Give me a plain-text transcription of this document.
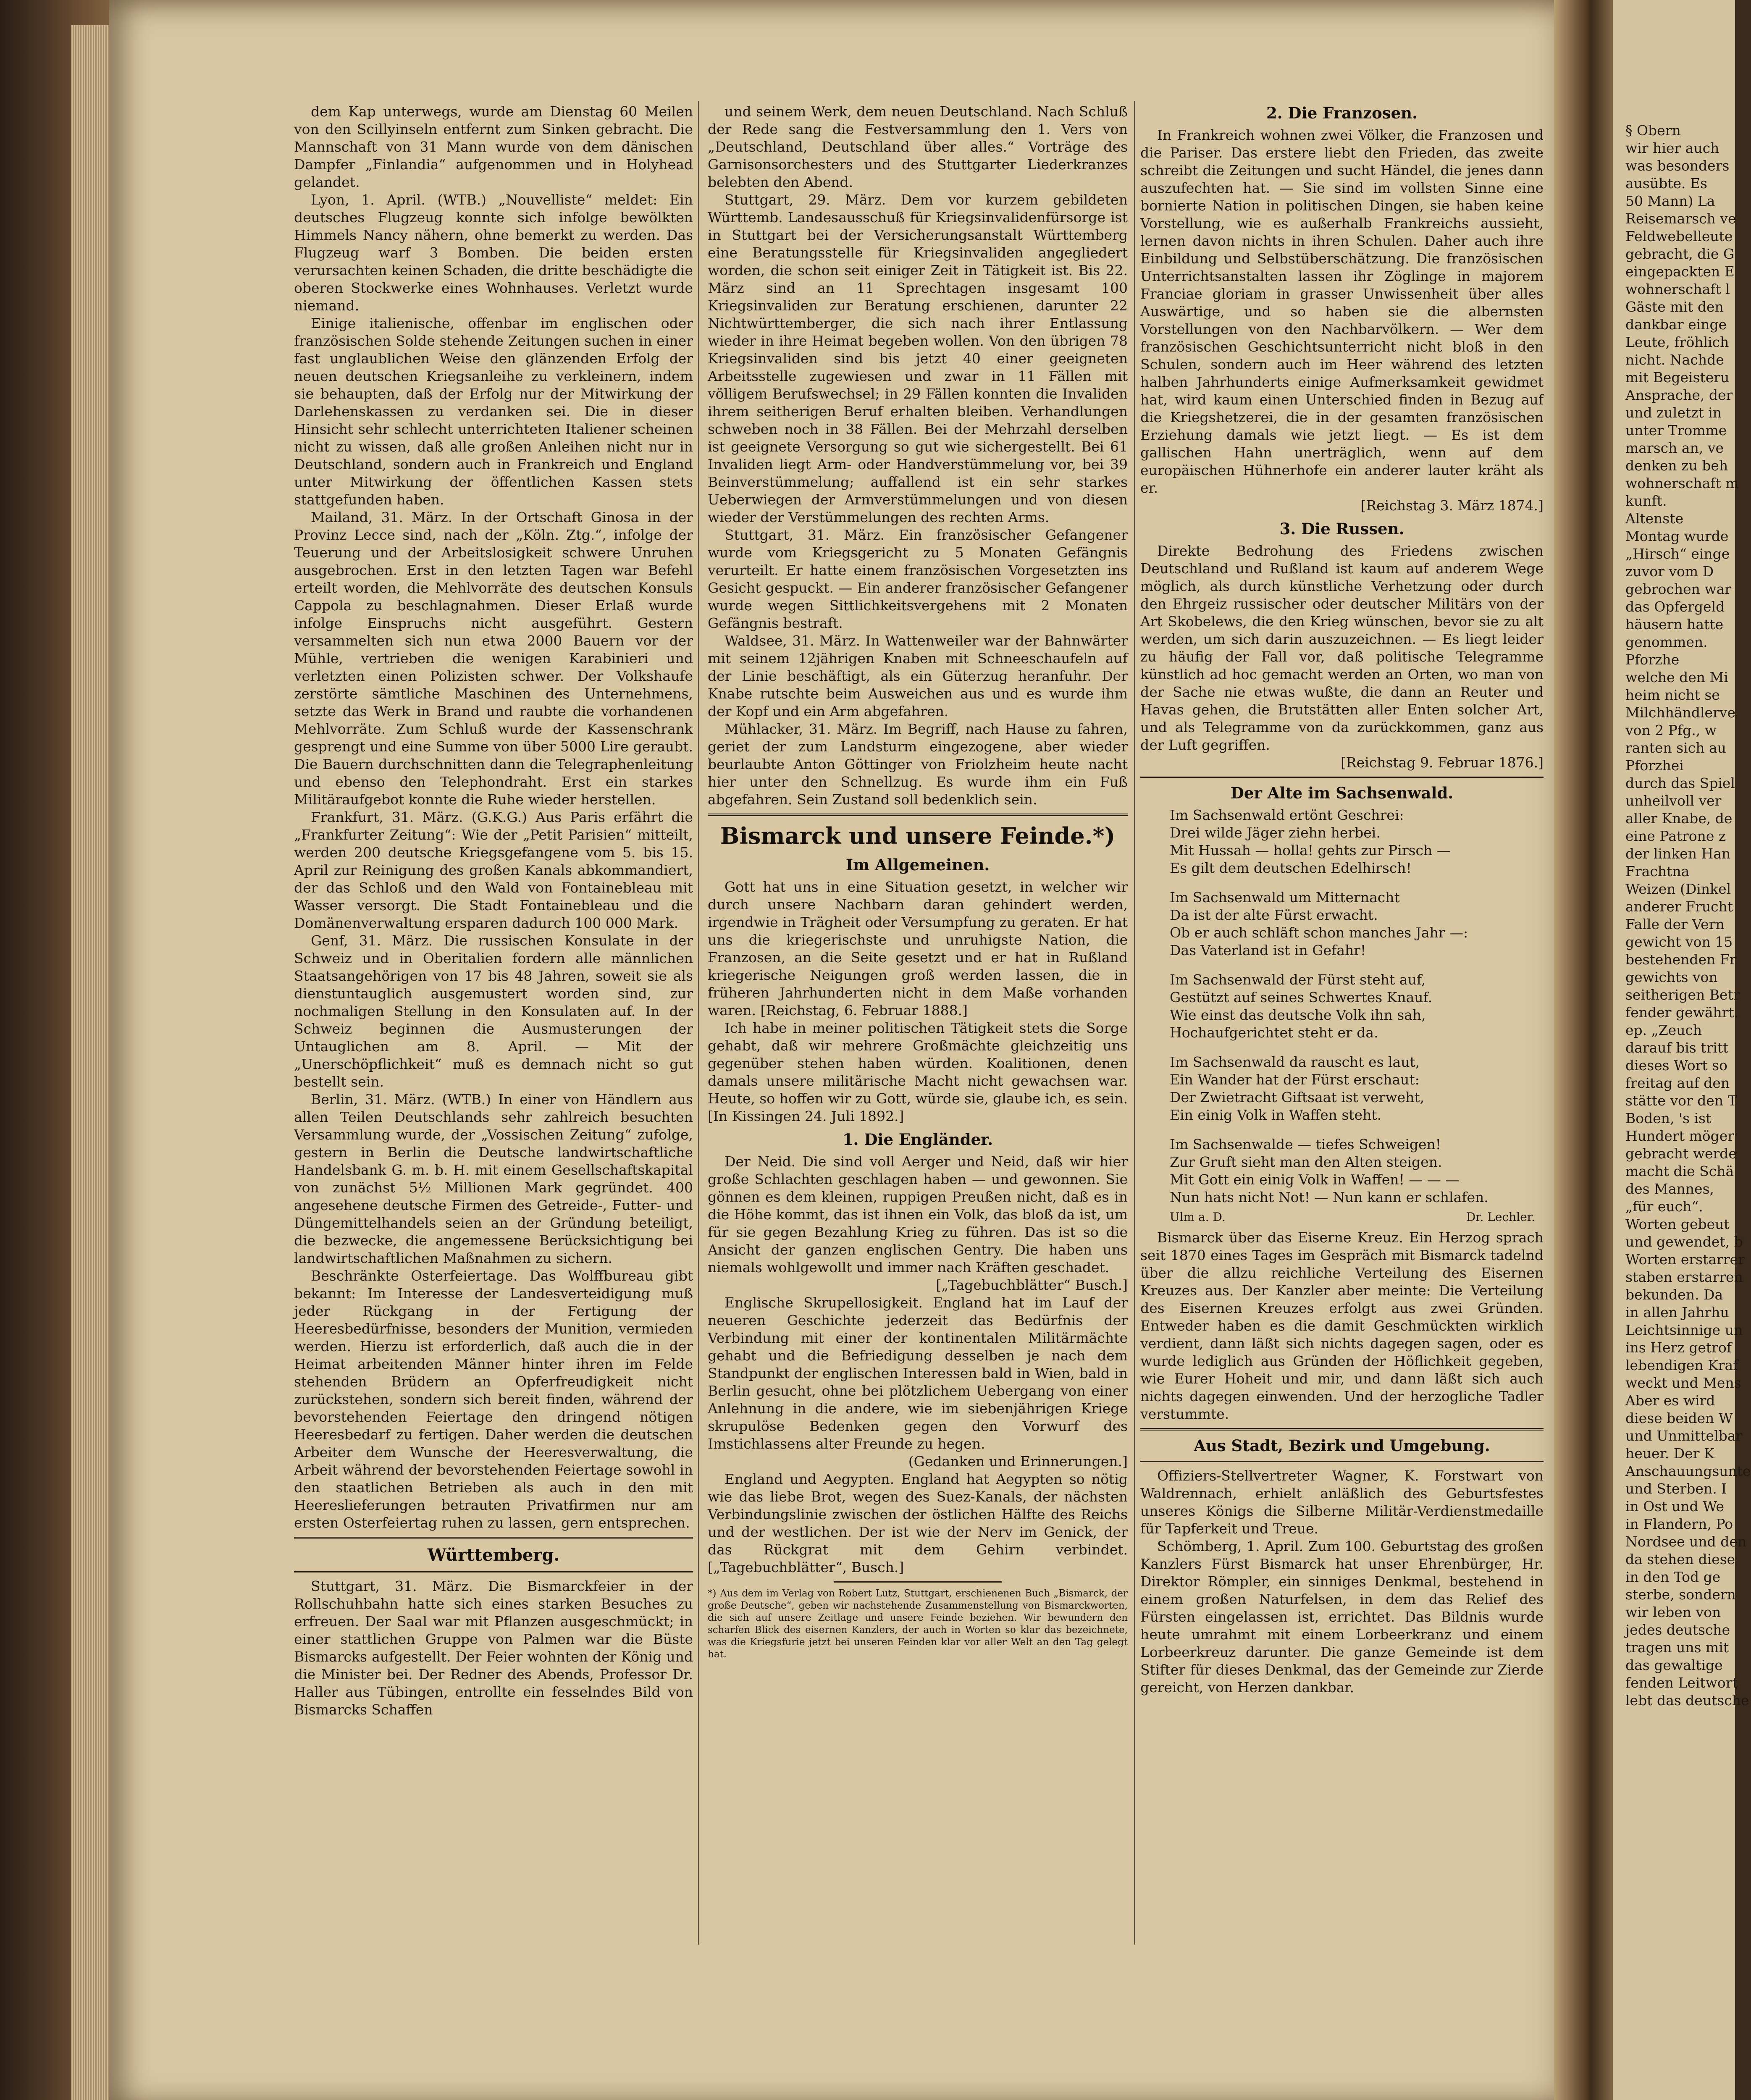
dem Kap unterwegs, wurde am Dienstag 60 Meilen von den Scillyinseln entfernt zum Sinken gebracht. Die Mannschaft von 31 Mann wurde von dem dänischen Dampfer „Finlandia“ aufgenommen und in Holyhead gelandet.

Lyon, 1. April. (WTB.) „Nouvelliste“ meldet: Ein deutsches Flugzeug konnte sich infolge bewölkten Himmels Nancy nähern, ohne bemerkt zu werden. Das Flugzeug warf 3 Bomben. Die beiden ersten verursachten keinen Schaden, die dritte beschädigte die oberen Stockwerke eines Wohnhauses. Verletzt wurde niemand.

Einige italienische, offenbar im englischen oder französischen Solde stehende Zeitungen suchen in einer fast unglaublichen Weise den glänzenden Erfolg der neuen deutschen Kriegsanleihe zu verkleinern, indem sie behaupten, daß der Erfolg nur der Mitwirkung der Darlehenskassen zu verdanken sei. Die in dieser Hinsicht sehr schlecht unterrichteten Italiener scheinen nicht zu wissen, daß alle großen Anleihen nicht nur in Deutschland, sondern auch in Frankreich und England unter Mitwirkung der öffentlichen Kassen stets stattgefunden haben.

Mailand, 31. März. In der Ortschaft Ginosa in der Provinz Lecce sind, nach der „Köln. Ztg.“, infolge der Teuerung und der Arbeitslosigkeit schwere Unruhen ausgebrochen. Erst in den letzten Tagen war Befehl erteilt worden, die Mehlvorräte des deutschen Konsuls Cappola zu beschlagnahmen. Dieser Erlaß wurde infolge Einspruchs nicht ausgeführt. Gestern versammelten sich nun etwa 2000 Bauern vor der Mühle, vertrieben die wenigen Karabinieri und verletzten einen Polizisten schwer. Der Volkshaufe zerstörte sämtliche Maschinen des Unternehmens, setzte das Werk in Brand und raubte die vorhandenen Mehlvorräte. Zum Schluß wurde der Kassenschrank gesprengt und eine Summe von über 5000 Lire geraubt. Die Bauern durchschnitten dann die Telegraphenleitung und ebenso den Telephondraht. Erst ein starkes Militäraufgebot konnte die Ruhe wieder herstellen.

Frankfurt, 31. März. (G.K.G.) Aus Paris erfährt die „Frankfurter Zeitung“: Wie der „Petit Parisien“ mitteilt, werden 200 deutsche Kriegsgefangene vom 5. bis 15. April zur Reinigung des großen Kanals abkommandiert, der das Schloß und den Wald von Fontainebleau mit Wasser versorgt. Die Stadt Fontainebleau und die Domänenverwaltung ersparen dadurch 100 000 Mark.

Genf, 31. März. Die russischen Konsulate in der Schweiz und in Oberitalien fordern alle männlichen Staatsangehörigen von 17 bis 48 Jahren, soweit sie als dienstuntauglich ausgemustert worden sind, zur nochmaligen Stellung in den Konsulaten auf. In der Schweiz beginnen die Ausmusterungen der Untauglichen am 8. April. — Mit der „Unerschöpflichkeit“ muß es demnach nicht so gut bestellt sein.

Berlin, 31. März. (WTB.) In einer von Händlern aus allen Teilen Deutschlands sehr zahlreich besuchten Versammlung wurde, der „Vossischen Zeitung“ zufolge, gestern in Berlin die Deutsche landwirtschaftliche Handelsbank G. m. b. H. mit einem Gesellschaftskapital von zunächst 5½ Millionen Mark gegründet. 400 angesehene deutsche Firmen des Getreide-, Futter- und Düngemittelhandels seien an der Gründung beteiligt, die bezwecke, die angemessene Berücksichtigung bei landwirtschaftlichen Maßnahmen zu sichern.

Beschränkte Osterfeiertage. Das Wolffbureau gibt bekannt: Im Interesse der Landesverteidigung muß jeder Rückgang in der Fertigung der Heeresbedürfnisse, besonders der Munition, vermieden werden. Hierzu ist erforderlich, daß auch die in der Heimat arbeitenden Männer hinter ihren im Felde stehenden Brüdern an Opferfreudigkeit nicht zurückstehen, sondern sich bereit finden, während der bevorstehenden Feiertage den dringend nötigen Heeresbedarf zu fertigen. Daher werden die deutschen Arbeiter dem Wunsche der Heeresverwaltung, die Arbeit während der bevorstehenden Feiertage sowohl in den staatlichen Betrieben als auch in den mit Heereslieferungen betrauten Privatfirmen nur am ersten Osterfeiertag ruhen zu lassen, gern entsprechen.

Württemberg.

Stuttgart, 31. März. Die Bismarckfeier in der Rollschuhbahn hatte sich eines starken Besuches zu erfreuen. Der Saal war mit Pflanzen ausgeschmückt; in einer stattlichen Gruppe von Palmen war die Büste Bismarcks aufgestellt. Der Feier wohnten der König und die Minister bei. Der Redner des Abends, Professor Dr. Haller aus Tübingen, entrollte ein fesselndes Bild von Bismarcks Schaffen

und seinem Werk, dem neuen Deutschland. Nach Schluß der Rede sang die Festversammlung den 1. Vers von „Deutschland, Deutschland über alles.“ Vorträge des Garnisonsorchesters und des Stuttgarter Liederkranzes belebten den Abend.

Stuttgart, 29. März. Dem vor kurzem gebildeten Württemb. Landesausschuß für Kriegsinvalidenfürsorge ist in Stuttgart bei der Versicherungsanstalt Württemberg eine Beratungsstelle für Kriegsinvaliden angegliedert worden, die schon seit einiger Zeit in Tätigkeit ist. Bis 22. März sind an 11 Sprechtagen insgesamt 100 Kriegsinvaliden zur Beratung erschienen, darunter 22 Nichtwürttemberger, die sich nach ihrer Entlassung wieder in ihre Heimat begeben wollen. Von den übrigen 78 Kriegsinvaliden sind bis jetzt 40 einer geeigneten Arbeitsstelle zugewiesen und zwar in 11 Fällen mit völligem Berufswechsel; in 29 Fällen konnten die Invaliden ihrem seitherigen Beruf erhalten bleiben. Verhandlungen schweben noch in 38 Fällen. Bei der Mehrzahl derselben ist geeignete Versorgung so gut wie sichergestellt. Bei 61 Invaliden liegt Arm- oder Handverstümmelung vor, bei 39 Beinverstümmelung; auffallend ist ein sehr starkes Ueberwiegen der Armverstümmelungen und von diesen wieder der Verstümmelungen des rechten Arms.

Stuttgart, 31. März. Ein französischer Gefangener wurde vom Kriegsgericht zu 5 Monaten Gefängnis verurteilt. Er hatte einem französischen Vorgesetzten ins Gesicht gespuckt. — Ein anderer französischer Gefangener wurde wegen Sittlichkeitsvergehens mit 2 Monaten Gefängnis bestraft.

Waldsee, 31. März. In Wattenweiler war der Bahnwärter mit seinem 12jährigen Knaben mit Schneeschaufeln auf der Linie beschäftigt, als ein Güterzug heranfuhr. Der Knabe rutschte beim Ausweichen aus und es wurde ihm der Kopf und ein Arm abgefahren.

Mühlacker, 31. März. Im Begriff, nach Hause zu fahren, geriet der zum Landsturm eingezogene, aber wieder beurlaubte Anton Göttinger von Friolzheim heute nacht hier unter den Schnellzug. Es wurde ihm ein Fuß abgefahren. Sein Zustand soll bedenklich sein.

Bismarck und unsere Feinde.*)
Im Allgemeinen.

Gott hat uns in eine Situation gesetzt, in welcher wir durch unsere Nachbarn daran gehindert werden, irgendwie in Trägheit oder Versumpfung zu geraten. Er hat uns die kriegerischste und unruhigste Nation, die Franzosen, an die Seite gesetzt und er hat in Rußland kriegerische Neigungen groß werden lassen, die in früheren Jahrhunderten nicht in dem Maße vorhanden waren. [Reichstag, 6. Februar 1888.]

Ich habe in meiner politischen Tätigkeit stets die Sorge gehabt, daß wir mehrere Großmächte gleichzeitig uns gegenüber stehen haben würden. Koalitionen, denen damals unsere militärische Macht nicht gewachsen war. Heute, so hoffen wir zu Gott, würde sie, glaube ich, es sein. [In Kissingen 24. Juli 1892.]

1. Die Engländer.

Der Neid. Die sind voll Aerger und Neid, daß wir hier große Schlachten geschlagen haben — und gewonnen. Sie gönnen es dem kleinen, ruppigen Preußen nicht, daß es in die Höhe kommt, das ist ihnen ein Volk, das bloß da ist, um für sie gegen Bezahlung Krieg zu führen. Das ist so die Ansicht der ganzen englischen Gentry. Die haben uns niemals wohlgewollt und immer nach Kräften geschadet.

[„Tagebuchblätter“ Busch.]

Englische Skrupellosigkeit. England hat im Lauf der neueren Geschichte jederzeit das Bedürfnis der Verbindung mit einer der kontinentalen Militärmächte gehabt und die Befriedigung desselben je nach dem Standpunkt der englischen Interessen bald in Wien, bald in Berlin gesucht, ohne bei plötzlichem Uebergang von einer Anlehnung in die andere, wie im siebenjährigen Kriege skrupulöse Bedenken gegen den Vorwurf des Imstichlassens alter Freunde zu hegen.

(Gedanken und Erinnerungen.]

England und Aegypten. England hat Aegypten so nötig wie das liebe Brot, wegen des Suez-Kanals, der nächsten Verbindungslinie zwischen der östlichen Hälfte des Reichs und der westlichen. Der ist wie der Nerv im Genick, der das Rückgrat mit dem Gehirn verbindet. [„Tagebuchblätter“, Busch.]

*) Aus dem im Verlag von Robert Lutz, Stuttgart, erschienenen Buch „Bismarck, der große Deutsche“, geben wir nachstehende Zusammenstellung von Bismarckworten, die sich auf unsere Zeitlage und unsere Feinde beziehen. Wir bewundern den scharfen Blick des eisernen Kanzlers, der auch in Worten so klar das bezeichnete, was die Kriegsfurie jetzt bei unseren Feinden klar vor aller Welt an den Tag gelegt hat.

2. Die Franzosen.

In Frankreich wohnen zwei Völker, die Franzosen und die Pariser. Das erstere liebt den Frieden, das zweite schreibt die Zeitungen und sucht Händel, die jenes dann auszufechten hat. — Sie sind im vollsten Sinne eine bornierte Nation in politischen Dingen, sie haben keine Vorstellung, wie es außerhalb Frankreichs aussieht, lernen davon nichts in ihren Schulen. Daher auch ihre Einbildung und Selbstüberschätzung. Die französischen Unterrichtsanstalten lassen ihr Zöglinge in majorem Franciae gloriam in grasser Unwissenheit über alles Auswärtige, und so haben sie die albernsten Vorstellungen von den Nachbarvölkern. — Wer dem französischen Geschichtsunterricht nicht bloß in den Schulen, sondern auch im Heer während des letzten halben Jahrhunderts einige Aufmerksamkeit gewidmet hat, wird kaum einen Unterschied finden in Bezug auf die Kriegshetzerei, die in der gesamten französischen Erziehung damals wie jetzt liegt. — Es ist dem gallischen Hahn unerträglich, wenn auf dem europäischen Hühnerhofe ein anderer lauter kräht als er.

[Reichstag 3. März 1874.]

3. Die Russen.

Direkte Bedrohung des Friedens zwischen Deutschland und Rußland ist kaum auf anderem Wege möglich, als durch künstliche Verhetzung oder durch den Ehrgeiz russischer oder deutscher Militärs von der Art Skobelews, die den Krieg wünschen, bevor sie zu alt werden, um sich darin auszuzeichnen. — Es liegt leider zu häufig der Fall vor, daß politische Telegramme künstlich ad hoc gemacht werden an Orten, wo man von der Sache nie etwas wußte, die dann an Reuter und Havas gehen, die Brutstätten aller Enten solcher Art, und als Telegramme von da zurückkommen, ganz aus der Luft gegriffen.

[Reichstag 9. Februar 1876.]

Der Alte im Sachsenwald.
Im Sachsenwald ertönt Geschrei:
Drei wilde Jäger ziehn herbei.
Mit Hussah — holla! gehts zur Pirsch —
Es gilt dem deutschen Edelhirsch!
Im Sachsenwald um Mitternacht
Da ist der alte Fürst erwacht.
Ob er auch schläft schon manches Jahr —:
Das Vaterland ist in Gefahr!
Im Sachsenwald der Fürst steht auf,
Gestützt auf seines Schwertes Knauf.
Wie einst das deutsche Volk ihn sah,
Hochaufgerichtet steht er da.
Im Sachsenwald da rauscht es laut,
Ein Wander hat der Fürst erschaut:
Der Zwietracht Giftsaat ist verweht,
Ein einig Volk in Waffen steht.
Im Sachsenwalde — tiefes Schweigen!
Zur Gruft sieht man den Alten steigen.
Mit Gott ein einig Volk in Waffen! — — —
Nun hats nicht Not! — Nun kann er schlafen.
Ulm a. D.	Dr. Lechler.

Bismarck über das Eiserne Kreuz. Ein Herzog sprach seit 1870 eines Tages im Gespräch mit Bismarck tadelnd über die allzu reichliche Verteilung des Eisernen Kreuzes aus. Der Kanzler aber meinte: Die Verteilung des Eisernen Kreuzes erfolgt aus zwei Gründen. Entweder haben es die damit Geschmückten wirklich verdient, dann läßt sich nichts dagegen sagen, oder es wurde lediglich aus Gründen der Höflichkeit gegeben, wie Eurer Hoheit und mir, und dann läßt sich auch nichts dagegen einwenden. Und der herzogliche Tadler verstummte.

Aus Stadt, Bezirk und Umgebung.

Offiziers-Stellvertreter Wagner, K. Forstwart von Waldrennach, erhielt anläßlich des Geburtsfestes unseres Königs die Silberne Militär-Verdienstmedaille für Tapferkeit und Treue.

Schömberg, 1. April. Zum 100. Geburtstag des großen Kanzlers Fürst Bismarck hat unser Ehrenbürger, Hr. Direktor Römpler, ein sinniges Denkmal, bestehend in einem großen Naturfelsen, in dem das Relief des Fürsten eingelassen ist, errichtet. Das Bildnis wurde heute umrahmt mit einem Lorbeerkranz und einem Lorbeerkreuz darunter. Die ganze Gemeinde ist dem Stifter für dieses Denkmal, das der Gemeinde zur Zierde gereicht, von Herzen dankbar.

§ Obern
wir hier auch
was besonders
ausübte. Es
50 Mann) La
Reisemarsch ve
Feldwebelleute
gebracht, die G
eingepackten E
wohnerschaft l
Gäste mit den
dankbar einge
Leute, fröhlich
nicht. Nachde
mit Begeisteru
Ansprache, der
und zuletzt in
unter Tromme
marsch an, ve
denken zu beh
wohnerschaft m
kunft.
Altenste
Montag wurde
„Hirsch“ einge
zuvor vom D
gebrochen war
das Opfergeld
häusern hatte
genommen.
Pforzhe
welche den Mi
heim nicht se
Milchhändlerve
von 2 Pfg., w
ranten sich au
Pforzhei
durch das Spiel
unheilvoll ver
aller Knabe, de
eine Patrone z
der linken Han
Frachtna
Weizen (Dinkel
anderer Frucht
Falle der Vern
gewicht von 15
bestehenden Fr
gewichts von
seitherigen Betr
fender gewährt.
ep. „Zeuch
darauf bis tritt
dieses Wort so
freitag auf den
stätte vor den T
Boden, 's ist
Hundert möger
gebracht werde
macht die Schä
des Mannes,
„für euch“.
Worten gebeut
und gewendet, b
Worten erstarrer
staben erstarren
bekunden. Da
in allen Jahrhu
Leichtsinnige un
ins Herz getrof
lebendigen Kraf
weckt und Mens
Aber es wird
diese beiden W
und Unmittelbar
heuer. Der K
Anschauungsunte
und Sterben. I
in Ost und We
in Flandern, Po
Nordsee und den
da stehen diese
in den Tod ge
sterbe, sondern
wir leben von
jedes deutsche
tragen uns mit
das gewaltige
fenden Leitwort
lebt das deutsche
